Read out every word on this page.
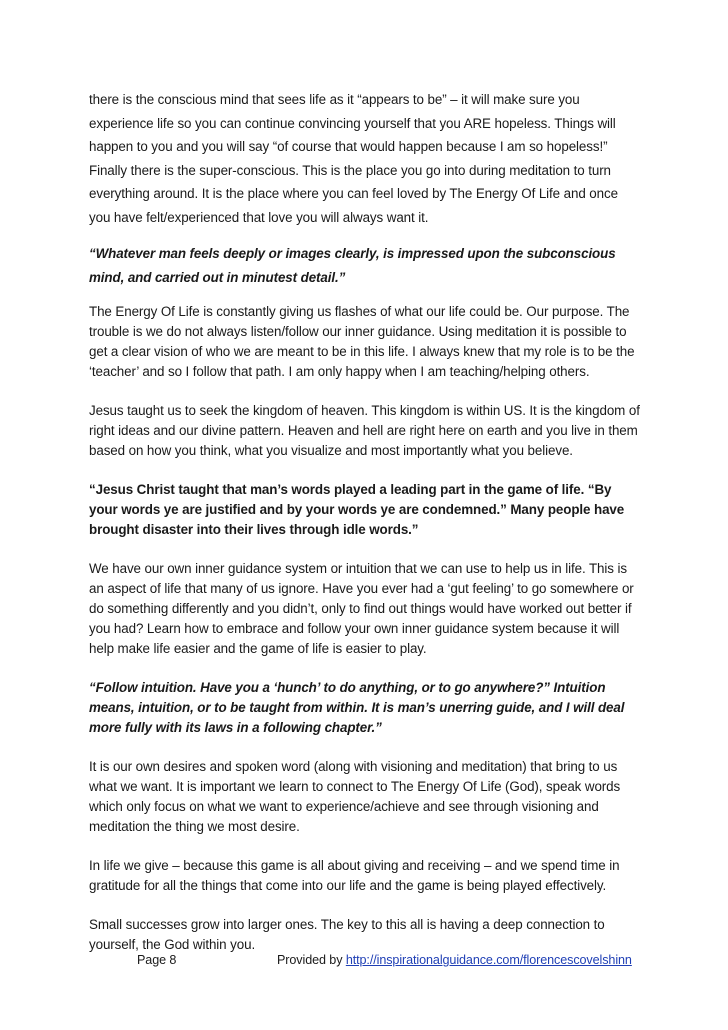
there is the conscious mind that sees life as it “appears to be” – it will make sure you experience life so you can continue convincing yourself that you ARE hopeless. Things will happen to you and you will say “of course that would happen because I am so hopeless!” Finally there is the super-conscious. This is the place you go into during meditation to turn everything around. It is the place where you can feel loved by The Energy Of Life and once you have felt/experienced that love you will always want it.

“Whatever man feels deeply or images clearly, is impressed upon the subconscious mind, and carried out in minutest detail.”

The Energy Of Life is constantly giving us flashes of what our life could be. Our purpose. The trouble is we do not always listen/follow our inner guidance. Using meditation it is possible to get a clear vision of who we are meant to be in this life. I always knew that my role is to be the ‘teacher’ and so I follow that path. I am only happy when I am teaching/helping others.

Jesus taught us to seek the kingdom of heaven. This kingdom is within US. It is the kingdom of right ideas and our divine pattern. Heaven and hell are right here on earth and you live in them based on how you think, what you visualize and most importantly what you believe.

“Jesus Christ taught that man’s words played a leading part in the game of life. “By your words ye are justified and by your words ye are condemned.” Many people have brought disaster into their lives through idle words.”

We have our own inner guidance system or intuition that we can use to help us in life. This is an aspect of life that many of us ignore. Have you ever had a ‘gut feeling’ to go somewhere or do something differently and you didn’t, only to find out things would have worked out better if you had? Learn how to embrace and follow your own inner guidance system because it will help make life easier and the game of life is easier to play.

“Follow intuition. Have you a ‘hunch’ to do anything, or to go anywhere?” Intuition means, intuition, or to be taught from within. It is man’s unerring guide, and I will deal more fully with its laws in a following chapter.”

It is our own desires and spoken word (along with visioning and meditation) that bring to us what we want. It is important we learn to connect to The Energy Of Life (God), speak words which only focus on what we want to experience/achieve and see through visioning and meditation the thing we most desire.

In life we give – because this game is all about giving and receiving – and we spend time in gratitude for all the things that come into our life and the game is being played effectively.

Small successes grow into larger ones. The key to this all is having a deep connection to yourself, the God within you.

Page 8	Provided by http://inspirationalguidance.com/florencescovelshinn
